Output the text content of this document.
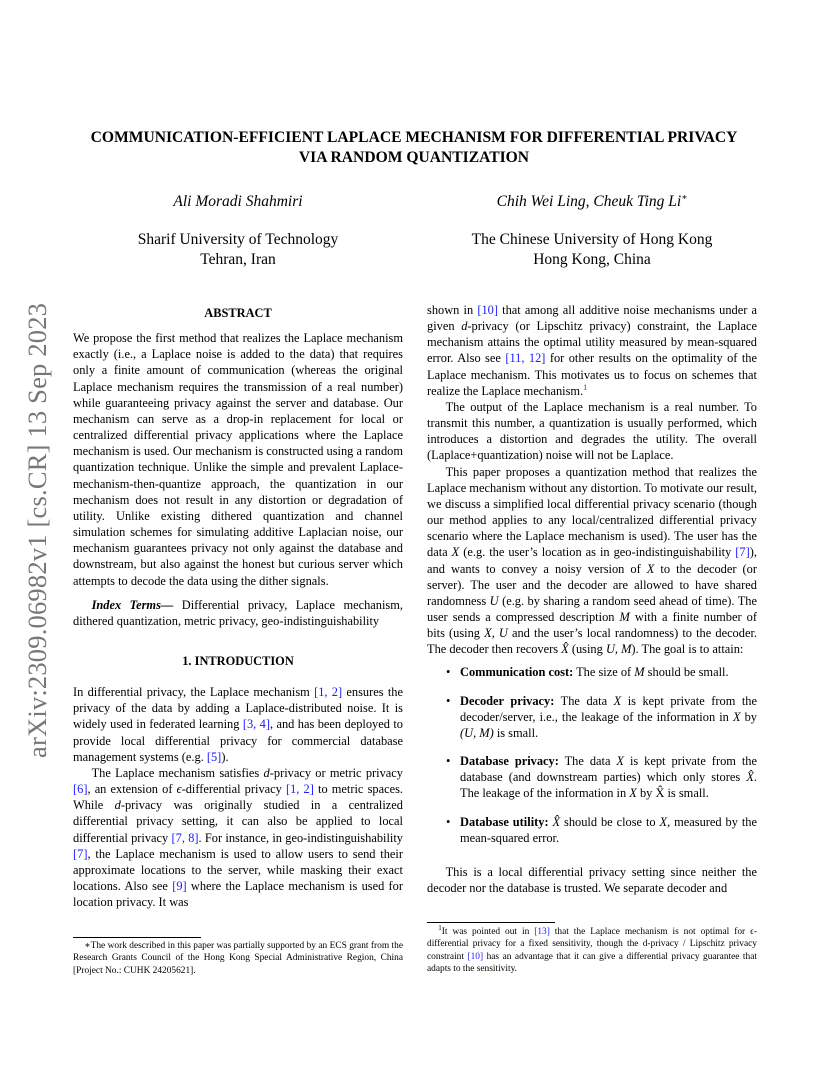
arXiv:2309.06982v1 [cs.CR] 13 Sep 2023
COMMUNICATION-EFFICIENT LAPLACE MECHANISM FOR DIFFERENTIAL PRIVACY
VIA RANDOM QUANTIZATION
Ali Moradi Shahmiri	Chih Wei Ling, Cheuk Ting Li∗
Sharif University of Technology
Tehran, Iran
The Chinese University of Hong Kong
Hong Kong, China

ABSTRACT

We propose the first method that realizes the Laplace mechanism exactly (i.e., a Laplace noise is added to the data) that requires only a finite amount of communication (whereas the original Laplace mechanism requires the transmission of a real number) while guaranteeing privacy against the server and database. Our mechanism can serve as a drop-in replacement for local or centralized differential privacy applications where the Laplace mechanism is used. Our mechanism is constructed using a random quantization technique. Unlike the simple and prevalent Laplace-mechanism-then-quantize approach, the quantization in our mechanism does not result in any distortion or degradation of utility. Unlike existing dithered quantization and channel simulation schemes for simulating additive Laplacian noise, our mechanism guarantees privacy not only against the database and downstream, but also against the honest but curious server which attempts to decode the data using the dither signals.

Index Terms— Differential privacy, Laplace mechanism, dithered quantization, metric privacy, geo-indistinguishability

1. INTRODUCTION

In differential privacy, the Laplace mechanism [1, 2] ensures the privacy of the data by adding a Laplace-distributed noise. It is widely used in federated learning [3, 4], and has been deployed to provide local differential privacy for commercial database management systems (e.g. [5]).

The Laplace mechanism satisfies d-privacy or metric privacy [6], an extension of ϵ-differential privacy [1, 2] to metric spaces. While d-privacy was originally studied in a centralized differential privacy setting, it can also be applied to local differential privacy [7, 8]. For instance, in geo-indistinguishability [7], the Laplace mechanism is used to allow users to send their approximate locations to the server, while masking their exact locations. Also see [9] where the Laplace mechanism is used for location privacy. It was

∗The work described in this paper was partially supported by an ECS grant from the Research Grants Council of the Hong Kong Special Administrative Region, China [Project No.: CUHK 24205621].

shown in [10] that among all additive noise mechanisms under a given d-privacy (or Lipschitz privacy) constraint, the Laplace mechanism attains the optimal utility measured by mean-squared error. Also see [11, 12] for other results on the optimality of the Laplace mechanism. This motivates us to focus on schemes that realize the Laplace mechanism.$^1$

The output of the Laplace mechanism is a real number. To transmit this number, a quantization is usually performed, which introduces a distortion and degrades the utility. The overall (Laplace+quantization) noise will not be Laplace.

This paper proposes a quantization method that realizes the Laplace mechanism without any distortion. To motivate our result, we discuss a simplified local differential privacy scenario (though our method applies to any local/centralized differential privacy scenario where the Laplace mechanism is used). The user has the data X (e.g. the user’s location as in geo-indistinguishability [7]), and wants to convey a noisy version of X to the decoder (or server). The user and the decoder are allowed to have shared randomness U (e.g. by sharing a random seed ahead of time). The user sends a compressed description M with a finite number of bits (using X, U and the user’s local randomness) to the decoder. The decoder then recovers X̂ (using U, M). The goal is to attain:

• Communication cost: The size of M should be small.
• Decoder privacy: The data X is kept private from the decoder/server, i.e., the leakage of the information in X by (U, M) is small.
• Database privacy: The data X is kept private from the database (and downstream parties) which only stores X̂. The leakage of the information in X by X̂ is small.
• Database utility: X̂ should be close to X, measured by the mean-squared error.

This is a local differential privacy setting since neither the decoder nor the database is trusted. We separate decoder and

$^1$It was pointed out in [13] that the Laplace mechanism is not optimal for ϵ-differential privacy for a fixed sensitivity, though the d-privacy / Lipschitz privacy constraint [10] has an advantage that it can give a differential privacy guarantee that adapts to the sensitivity.
